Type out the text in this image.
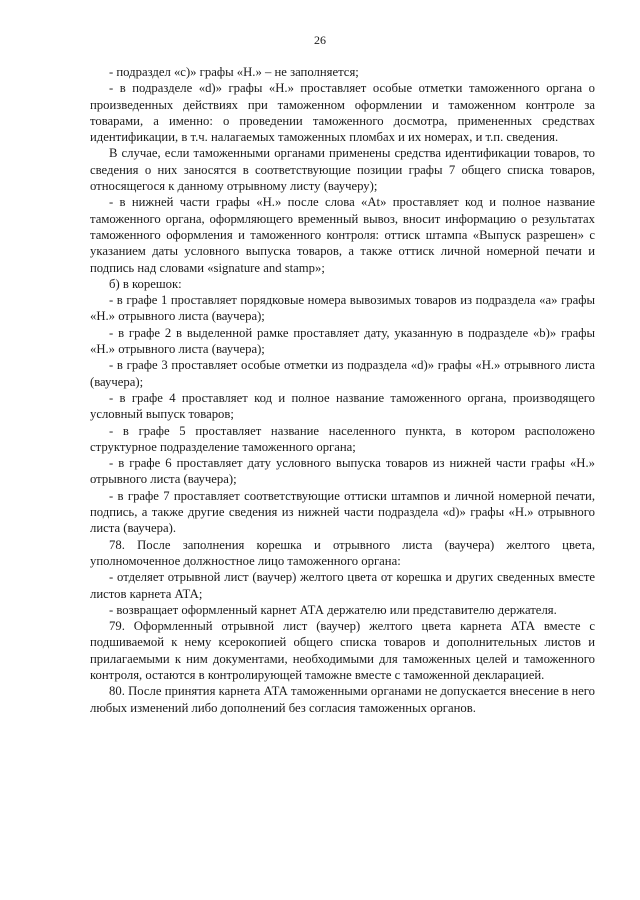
26

- подраздел «с)» графы «Н.» – не заполняется;

- в подразделе «d)» графы «Н.» проставляет особые отметки таможенного органа о произведенных действиях при таможенном оформлении и таможенном контроле за товарами, а именно: о проведении таможенного досмотра, примененных средствах идентификации, в т.ч. налагаемых таможенных пломбах и их номерах, и т.п. сведения.

В случае, если таможенными органами применены средства идентификации товаров, то сведения о них заносятся в соответствующие позиции графы 7 общего списка товаров, относящегося к данному отрывному листу (ваучеру);

- в нижней части графы «Н.» после слова «At» проставляет код и полное название таможенного органа, оформляющего временный вывоз, вносит информацию о результатах таможенного оформления и таможенного контроля: оттиск штампа «Выпуск разрешен» с указанием даты условного выпуска товаров, а также оттиск личной номерной печати и подпись над словами «signature and stamp»;

б) в корешок:

- в графе 1 проставляет порядковые номера вывозимых товаров из подраздела «а» графы «Н.» отрывного листа (ваучера);

- в графе 2 в выделенной рамке проставляет дату, указанную в подразделе «b)» графы «Н.» отрывного листа (ваучера);

- в графе 3 проставляет особые отметки из подраздела «d)» графы «Н.» отрывного листа (ваучера);

- в графе 4 проставляет код и полное название таможенного органа, производящего условный выпуск товаров;

- в графе 5 проставляет название населенного пункта, в котором расположено структурное подразделение таможенного органа;

- в графе 6 проставляет дату условного выпуска товаров из нижней части графы «Н.» отрывного листа (ваучера);

- в графе 7 проставляет соответствующие оттиски штампов и личной номерной печати, подпись, а также другие сведения из нижней части подраздела «d)» графы «Н.» отрывного листа (ваучера).

78. После заполнения корешка и отрывного листа (ваучера) желтого цвета, уполномоченное должностное лицо таможенного органа:

- отделяет отрывной лист (ваучер) желтого цвета от корешка и других сведенных вместе листов карнета АТА;

- возвращает оформленный карнет АТА держателю или представителю держателя.

79. Оформленный отрывной лист (ваучер) желтого цвета карнета АТА вместе с подшиваемой к нему ксерокопией общего списка товаров и дополнительных листов и прилагаемыми к ним документами, необходимыми для таможенных целей и таможенного контроля, остаются в контролирующей таможне вместе с таможенной декларацией.

80. После принятия карнета АТА таможенными органами не допускается внесение в него любых изменений либо дополнений без согласия таможенных органов.
